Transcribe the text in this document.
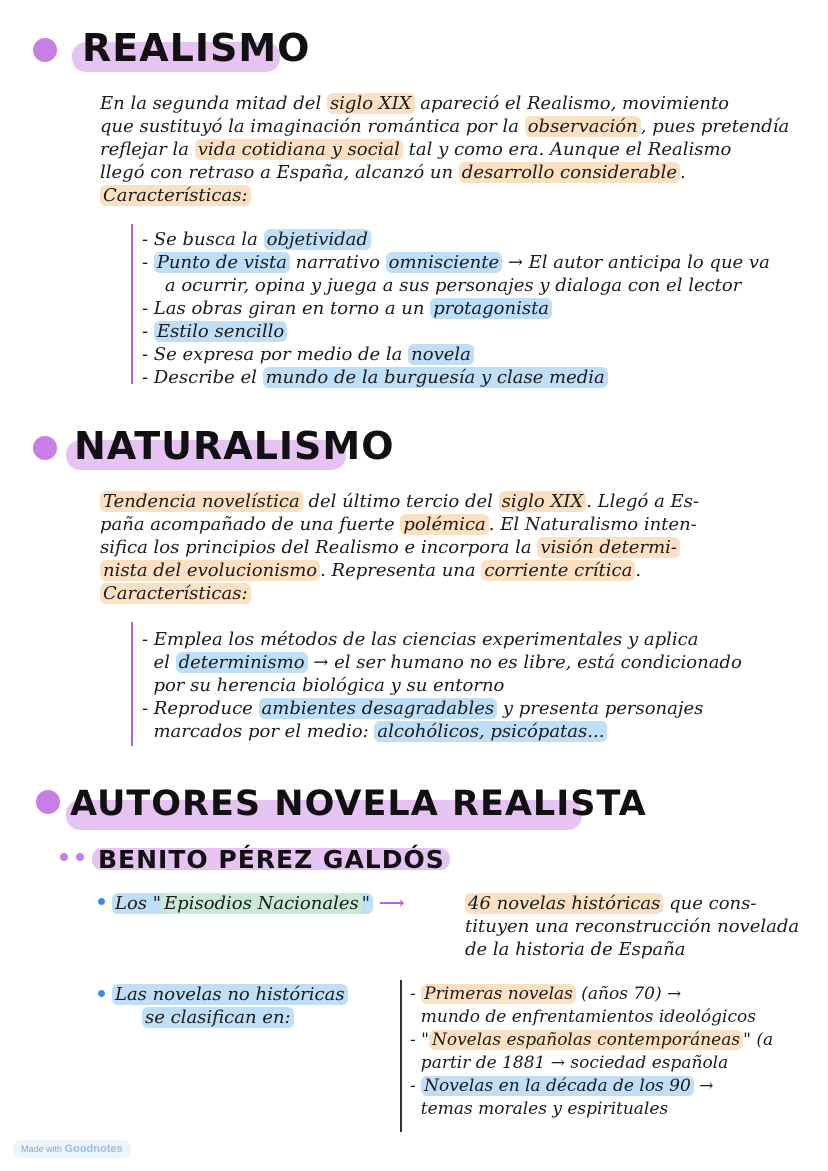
REALISMO
En la segunda mitad del siglo XIX apareció el Realismo, movimiento
que sustituyó la imaginación romántica por la observación , pues pretendía
reflejar la vida cotidiana y social tal y como era. Aunque el Realismo
llegó con retraso a España, alcanzó un desarrollo considerable .
Características:
- Se busca la objetividad
- Punto de vista narrativo omnisciente → El autor anticipa lo que va
a ocurrir, opina y juega a sus personajes y dialoga con el lector
- Las obras giran en torno a un protagonista
- Estilo sencillo
- Se expresa por medio de la novela
- Describe el mundo de la burguesía y clase media
NATURALISMO
Tendencia novelística del último tercio del siglo XIX . Llegó a Es-
paña acompañado de una fuerte polémica . El Naturalismo inten-
sifica los principios del Realismo e incorpora la visión determi-
nista del evolucionismo . Representa una corriente crítica .
Características:
- Emplea los métodos de las ciencias experimentales y aplica
el determinismo → el ser humano no es libre, está condicionado
por su herencia biológica y su entorno
- Reproduce ambientes desagradables y presenta personajes
marcados por el medio: alcohólicos, psicópatas...
AUTORES NOVELA REALISTA
BENITO PÉREZ GALDÓS
Los " Episodios Nacionales " ⟶	46 novelas históricas que cons-
tituyen una reconstrucción novelada
de la historia de España
Las novelas no históricas
se clasifican en:
- Primeras novelas (años 70) →
mundo de enfrentamientos ideológicos
- " Novelas españolas contemporáneas " (a
partir de 1881 → sociedad española
- Novelas en la década de los 90 →
temas morales y espirituales
Made with Goodnotes
